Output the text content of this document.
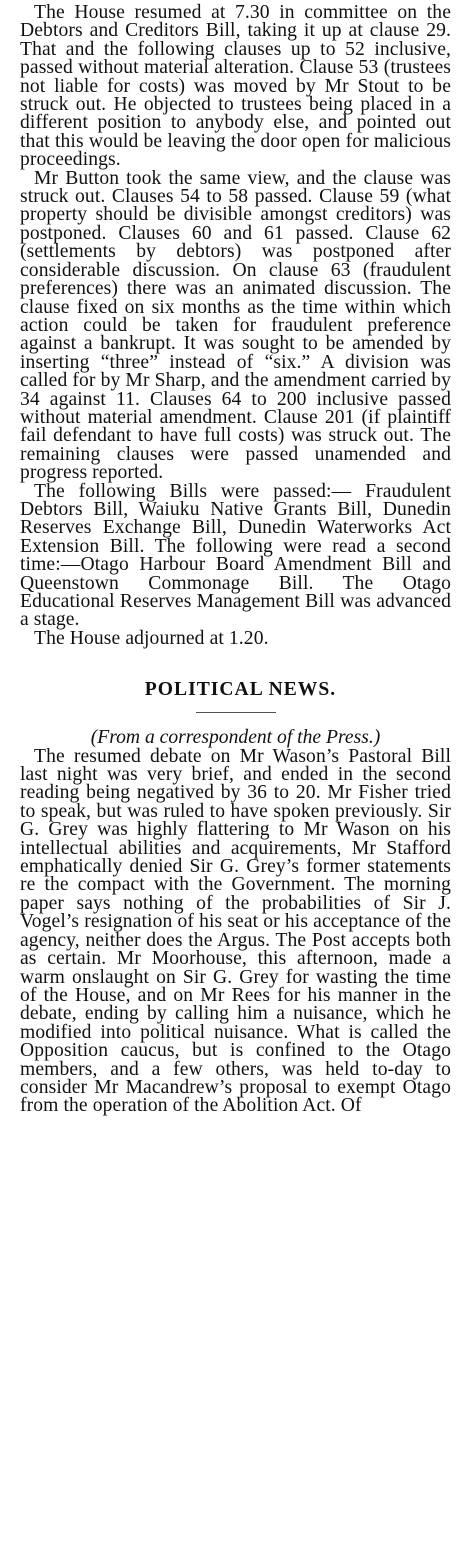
The House resumed at 7.30 in committee on the Debtors and Creditors Bill, taking it up at clause 29. That and the following clauses up to 52 inclusive, passed without material alteration. Clause 53 (trustees not liable for costs) was moved by Mr Stout to be struck out. He objected to trustees being placed in a different position to anybody else, and pointed out that this would be leaving the door open for malicious proceedings.

Mr Button took the same view, and the clause was struck out. Clauses 54 to 58 passed. Clause 59 (what property should be divisible amongst creditors) was postponed. Clauses 60 and 61 passed. Clause 62 (settlements by debtors) was postponed after considerable discussion. On clause 63 (fraudulent preferences) there was an animated discussion. The clause fixed on six months as the time within which action could be taken for fraudulent preference against a bankrupt. It was sought to be amended by inserting “three” instead of “six.” A division was called for by Mr Sharp, and the amendment carried by 34 against 11. Clauses 64 to 200 inclusive passed without material amendment. Clause 201 (if plaintiff fail defendant to have full costs) was struck out. The remaining clauses were passed unamended and progress reported.

The following Bills were passed:— Fraudulent Debtors Bill, Waiuku Native Grants Bill, Dunedin Reserves Exchange Bill, Dunedin Waterworks Act Extension Bill. The following were read a second time:—Otago Harbour Board Amendment Bill and Queenstown Commonage Bill. The Otago Educational Reserves Management Bill was advanced a stage.

The House adjourned at 1.20.

POLITICAL NEWS.

(From a correspondent of the Press.)

The resumed debate on Mr Wason’s Pastoral Bill last night was very brief, and ended in the second reading being negatived by 36 to 20. Mr Fisher tried to speak, but was ruled to have spoken previously. Sir G. Grey was highly flattering to Mr Wason on his intellectual abilities and acquirements, Mr Stafford emphatically denied Sir G. Grey’s former statements re the compact with the Government. The morning paper says nothing of the probabilities of Sir J. Vogel’s resignation of his seat or his acceptance of the agency, neither does the Argus. The Post accepts both as certain. Mr Moorhouse, this afternoon, made a warm onslaught on Sir G. Grey for wasting the time of the House, and on Mr Rees for his manner in the debate, ending by calling him a nuisance, which he modified into political nuisance. What is called the Opposition caucus, but is confined to the Otago members, and a few others, was held to-day to consider Mr Macandrew’s proposal to exempt Otago from the operation of the Abolition Act. Of
